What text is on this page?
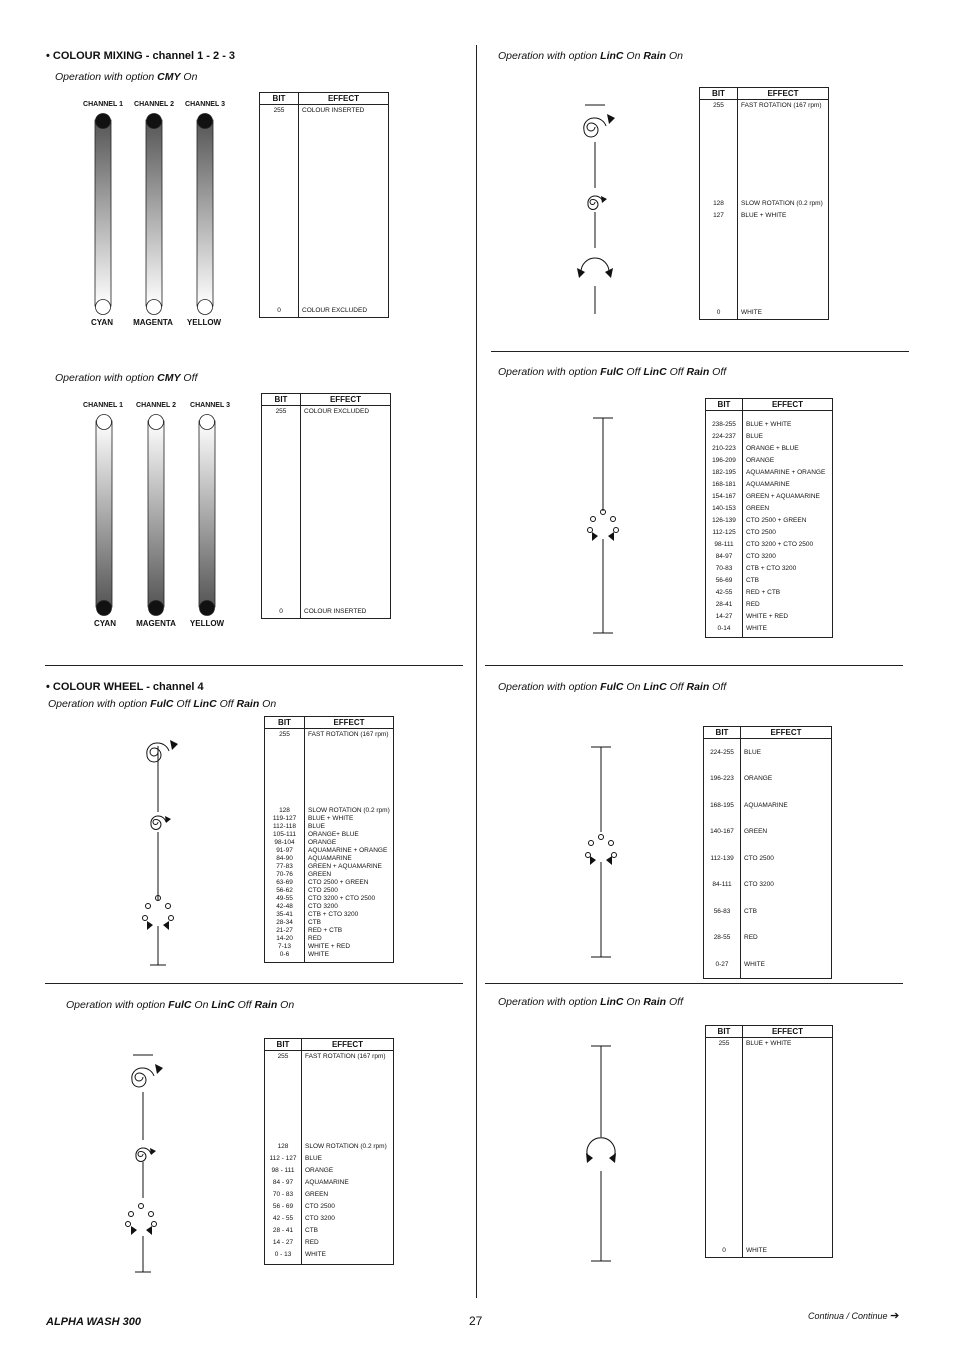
• COLOUR MIXING - channel 1 - 2 - 3
• COLOUR WHEEL - channel 4
Operation with option CMY On
Operation with option CMY Off
Operation with option FulC Off LinC Off Rain On
Operation with option FulC On LinC Off Rain On
Operation with option LinC On Rain On
Operation with option FulC Off LinC Off Rain Off
Operation with option FulC On LinC Off Rain Off
Operation with option LinC On Rain Off
CHANNEL 1	CHANNEL 2	CHANNEL 3
CYAN	MAGENTA	YELLOW
CHANNEL 1	CHANNEL 2	CHANNEL 3
CYAN	MAGENTA	YELLOW
BIT	EFFECT
255	COLOUR INSERTED

0	COLOUR EXCLUDED
BIT	EFFECT
255	COLOUR EXCLUDED

0	COLOUR INSERTED
BIT	EFFECT
255	FAST ROTATION (167 rpm)

128	SLOW ROTATION (0.2 rpm)
119-127	BLUE + WHITE
112-118	BLUE
105-111	ORANGE+ BLUE
98-104	ORANGE
91-97	AQUAMARINE + ORANGE
84-90	AQUAMARINE
77-83	GREEN + AQUAMARINE
70-76	GREEN
63-69	CTO 2500 + GREEN
56-62	CTO 2500
49-55	CTO 3200 + CTO 2500
42-48	CTO 3200
35-41	CTB + CTO 3200
28-34	CTB
21-27	RED + CTB
14-20	RED
7-13	WHITE + RED
0-6	WHITE

BIT	EFFECT
255	FAST ROTATION (167 rpm)

128	SLOW ROTATION (0.2 rpm)
112 - 127	BLUE
98 - 111	ORANGE
84 - 97	AQUAMARINE
70 - 83	GREEN
56 - 69	CTO 2500
42 - 55	CTO 3200
28 - 41	CTB
14 - 27	RED
0 - 13	WHITE

BIT	EFFECT
255	FAST ROTATION (167 rpm)

128	SLOW ROTATION (0.2 rpm)
127	BLUE + WHITE

0	WHITE
BIT	EFFECT

238-255	BLUE + WHITE
224-237	BLUE
210-223	ORANGE + BLUE
196-209	ORANGE
182-195	AQUAMARINE + ORANGE
168-181	AQUAMARINE
154-167	GREEN + AQUAMARINE
140-153	GREEN
126-139	CTO 2500 + GREEN
112-125	CTO 2500
98-111	CTO 3200 + CTO 2500
84-97	CTO 3200
70-83	CTB + CTO 3200
56-69	CTB
42-55	RED + CTB
28-41	RED
14-27	WHITE + RED
0-14	WHITE

BIT	EFFECT

224-255	BLUE
196-223	ORANGE
168-195	AQUAMARINE
140-167	GREEN
112-139	CTO 2500
84-111	CTO 3200
56-83	CTB
28-55	RED
0-27	WHITE
BIT	EFFECT
255	BLUE + WHITE

0	WHITE
ALPHA WASH 300	27	Continua / Continue ➔
